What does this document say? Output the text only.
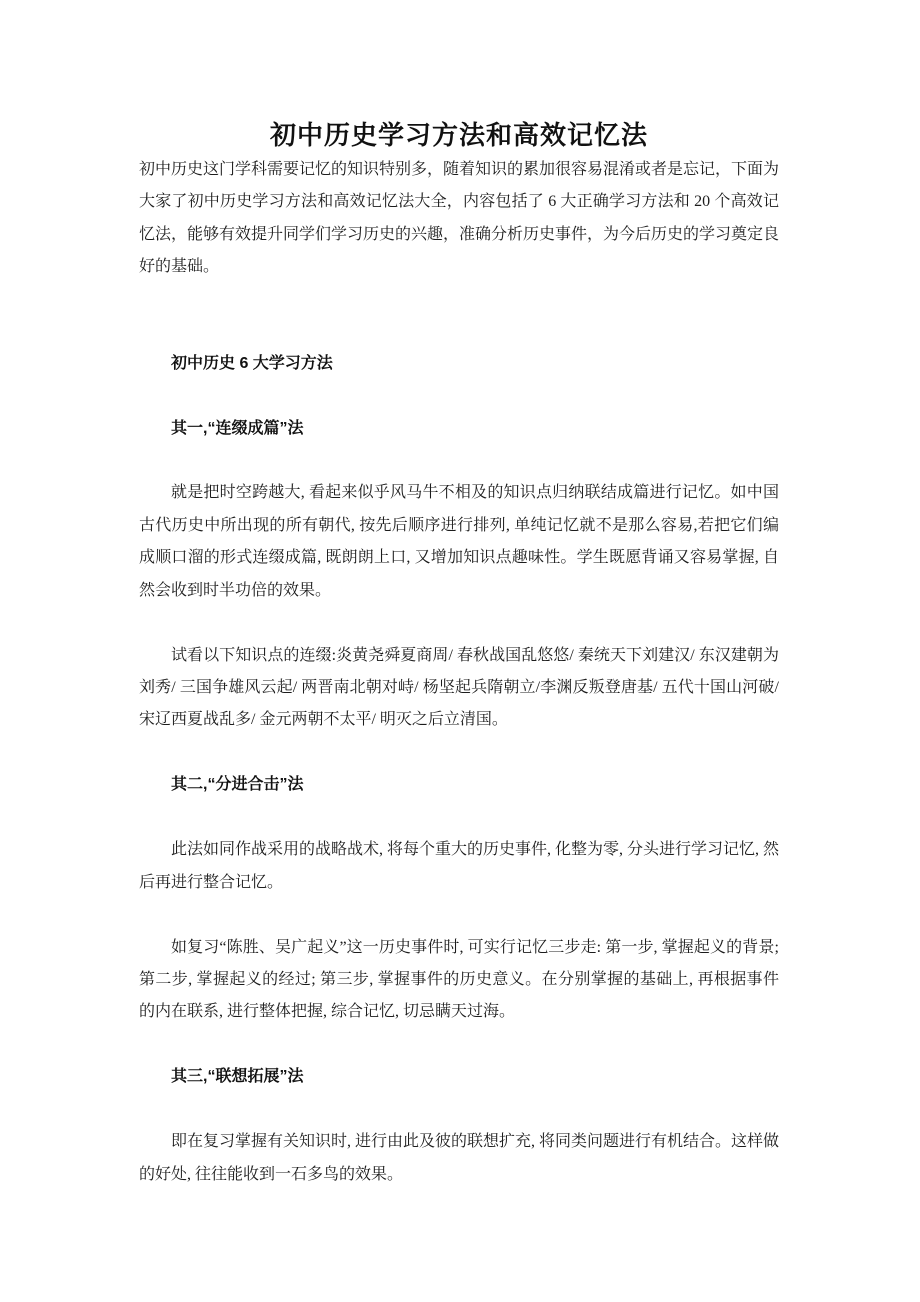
初中历史学习方法和高效记忆法

初中历史这门学科需要记忆的知识特别多，随着知识的累加很容易混淆或者是忘记，下面为大家了初中历史学习方法和高效记忆法大全，内容包括了 6 大正确学习方法和 20 个高效记忆法，能够有效提升同学们学习历史的兴趣，准确分析历史事件，为今后历史的学习奠定良好的基础。

初中历史 6 大学习方法
其一,“连缀成篇”法

就是把时空跨越大, 看起来似乎风马牛不相及的知识点归纳联结成篇进行记忆。如中国古代历史中所出现的所有朝代, 按先后顺序进行排列, 单纯记忆就不是那么容易,若把它们编成顺口溜的形式连缀成篇, 既朗朗上口, 又增加知识点趣味性。学生既愿背诵又容易掌握, 自然会收到时半功倍的效果。

试看以下知识点的连缀:炎黄尧舜夏商周/ 春秋战国乱悠悠/ 秦统天下刘建汉/ 东汉建朝为刘秀/ 三国争雄风云起/ 两晋南北朝对峙/ 杨坚起兵隋朝立/李渊反叛登唐基/ 五代十国山河破/ 宋辽西夏战乱多/ 金元两朝不太平/ 明灭之后立清国。

其二,“分进合击”法

此法如同作战采用的战略战术, 将每个重大的历史事件, 化整为零, 分头进行学习记忆, 然后再进行整合记忆。

如复习“陈胜、吴广起义”这一历史事件时, 可实行记忆三步走: 第一步, 掌握起义的背景; 第二步, 掌握起义的经过; 第三步, 掌握事件的历史意义。在分别掌握的基础上, 再根据事件的内在联系, 进行整体把握, 综合记忆, 切忌瞒天过海。

其三,“联想拓展”法

即在复习掌握有关知识时, 进行由此及彼的联想扩充, 将同类问题进行有机结合。这样做的好处, 往往能收到一石多鸟的效果。
